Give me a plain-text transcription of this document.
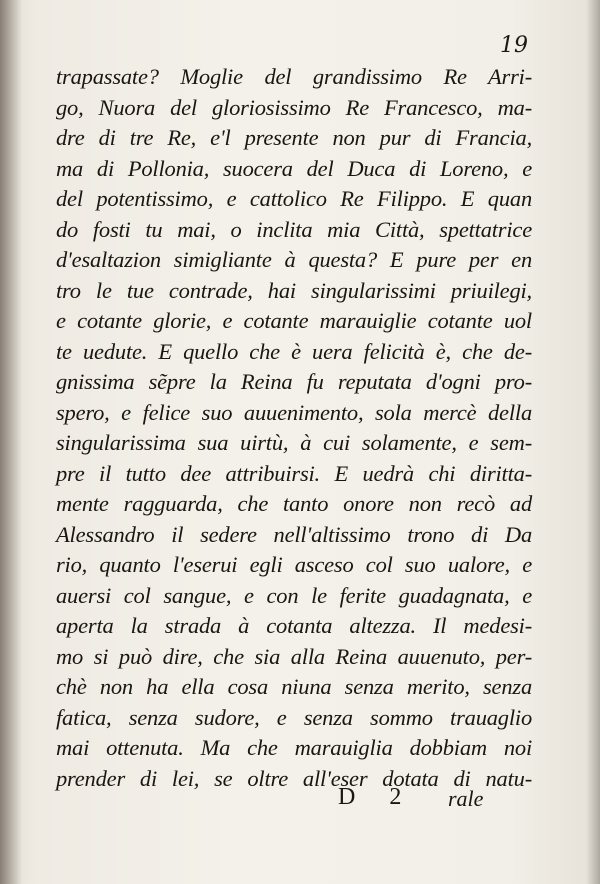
19
trapassate? Moglie del grandissimo Re Arri-
go, Nuora del gloriosissimo Re Francesco, ma-
dre di tre Re, e'l presente non pur di Francia,
ma di Pollonia, suocera del Duca di Loreno, e
del potentissimo, e cattolico Re Filippo. E quan
do fosti tu mai, o inclita mia Città, spettatrice
d'esaltazion simigliante à questa? E pure per en
tro le tue contrade, hai singularissimi priuilegi,
e cotante glorie, e cotante marauiglie cotante uol
te uedute. E quello che è uera felicità è, che de-
gnissima sẽpre la Reina fu reputata d'ogni pro-
spero, e felice suo auuenimento, sola mercè della
singularissima sua uirtù, à cui solamente, e sem-
pre il tutto dee attribuirsi. E uedrà chi diritta-
mente ragguarda, che tanto onore non recò ad
Alessandro il sedere nell'altissimo trono di Da
rio, quanto l'eserui egli asceso col suo ualore, e
auersi col sangue, e con le ferite guadagnata, e
aperta la strada à cotanta altezza. Il medesi-
mo si può dire, che sia alla Reina auuenuto, per-
chè non ha ella cosa niuna senza merito, senza
fatica, senza sudore, e senza sommo trauaglio
mai ottenuta. Ma che marauiglia dobbiam noi
prender di lei, se oltre all'eser dotata di natu-
D 2 rale
